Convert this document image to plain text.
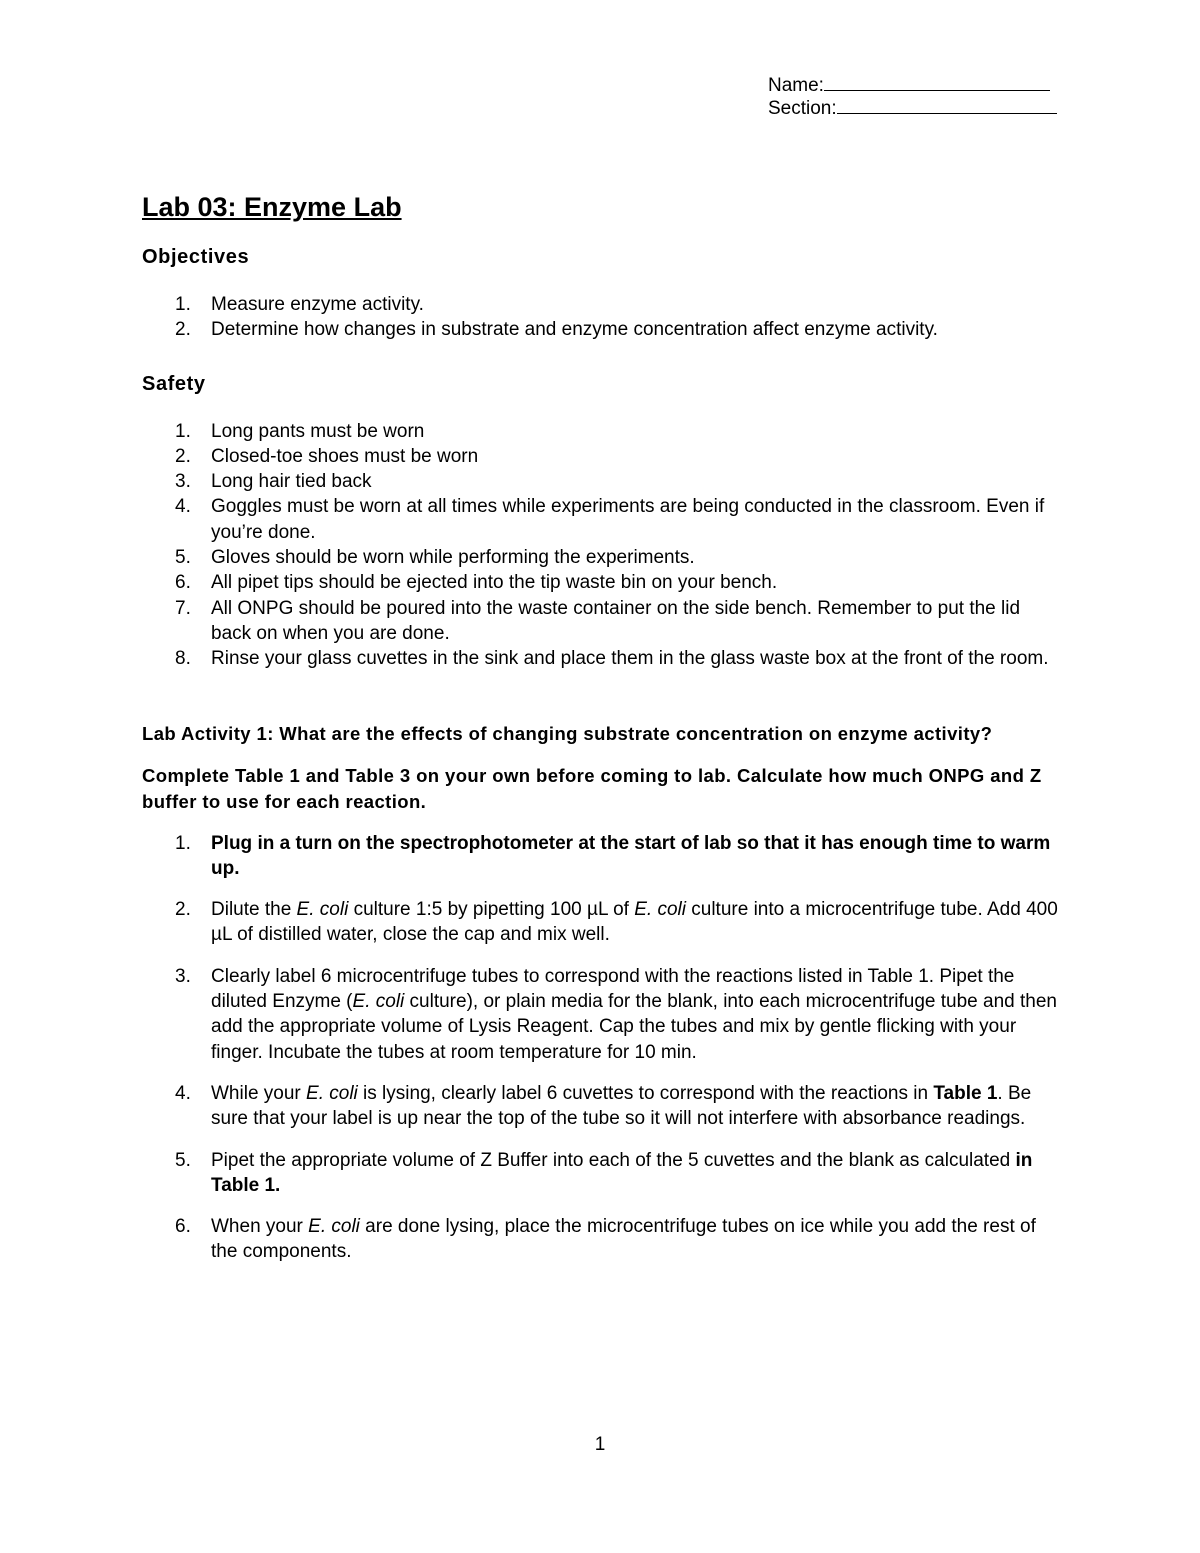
Name:
Section:
Lab 03: Enzyme Lab
Objectives
1. Measure enzyme activity.
2. Determine how changes in substrate and enzyme concentration affect enzyme activity.
Safety
1. Long pants must be worn
2. Closed-toe shoes must be worn
3. Long hair tied back
4. Goggles must be worn at all times while experiments are being conducted in the classroom. Even if you’re done.
5. Gloves should be worn while performing the experiments.
6. All pipet tips should be ejected into the tip waste bin on your bench.
7. All ONPG should be poured into the waste container on the side bench. Remember to put the lid back on when you are done.
8. Rinse your glass cuvettes in the sink and place them in the glass waste box at the front of the room.
Lab Activity 1: What are the effects of changing substrate concentration on enzyme activity?
Complete Table 1 and Table 3 on your own before coming to lab. Calculate how much ONPG and Z buffer to use for each reaction.
1. Plug in a turn on the spectrophotometer at the start of lab so that it has enough time to warm up.
2. Dilute the E. coli culture 1:5 by pipetting 100 µL of E. coli culture into a microcentrifuge tube. Add 400 µL of distilled water, close the cap and mix well.
3. Clearly label 6 microcentrifuge tubes to correspond with the reactions listed in Table 1. Pipet the diluted Enzyme (E. coli culture), or plain media for the blank, into each microcentrifuge tube and then add the appropriate volume of Lysis Reagent. Cap the tubes and mix by gentle flicking with your finger. Incubate the tubes at room temperature for 10 min.
4. While your E. coli is lysing, clearly label 6 cuvettes to correspond with the reactions in Table 1. Be sure that your label is up near the top of the tube so it will not interfere with absorbance readings.
5. Pipet the appropriate volume of Z Buffer into each of the 5 cuvettes and the blank as calculated in Table 1.
6. When your E. coli are done lysing, place the microcentrifuge tubes on ice while you add the rest of the components.
1
